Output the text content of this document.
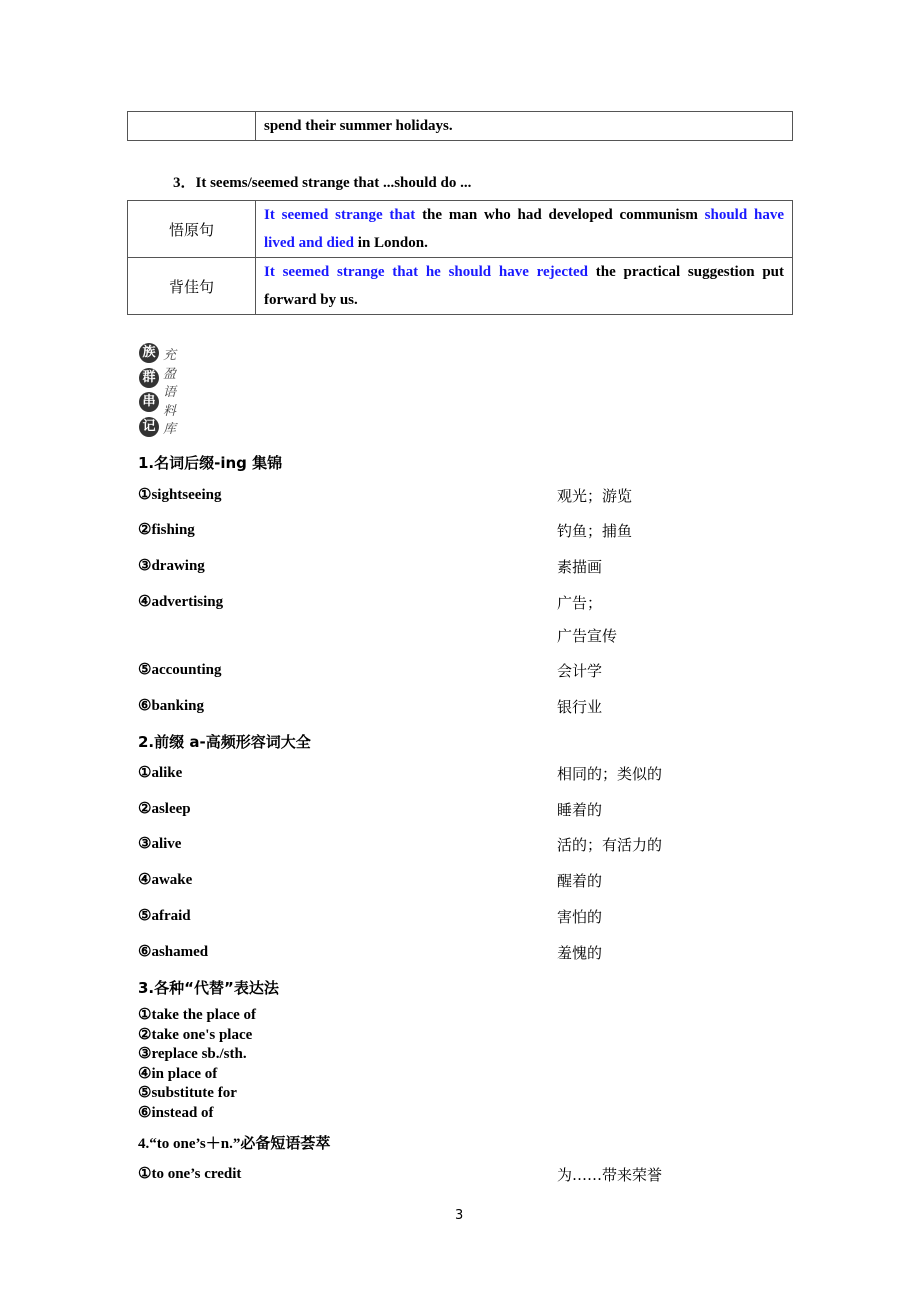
	spend their summer holidays.
3．It seems/seemed strange that ...should do ...
悟原句	It seemed strange that the man who had developed communism should have lived and died in London.
背佳句	It seemed strange that he should have rejected the practical suggestion put forward by us.
族
群
串
记
充盈语料库
1.名词后缀-ing 集锦
①sightseeing	观光；游览
②fishing	钓鱼；捕鱼
③drawing	素描画
④advertising	广告；
广告宣传
⑤accounting	会计学
⑥banking	银行业
2.前缀 a-高频形容词大全
①alike	相同的；类似的
②asleep	睡着的
③alive	活的；有活力的
④awake	醒着的
⑤afraid	害怕的
⑥ashamed	羞愧的
3.各种“代替”表达法
①take the place of
②take one's place
③replace sb./sth.
④in place of
⑤substitute for
⑥instead of
4.“to one’s＋n.”必备短语荟萃
①to one’s credit	为……带来荣誉
3
